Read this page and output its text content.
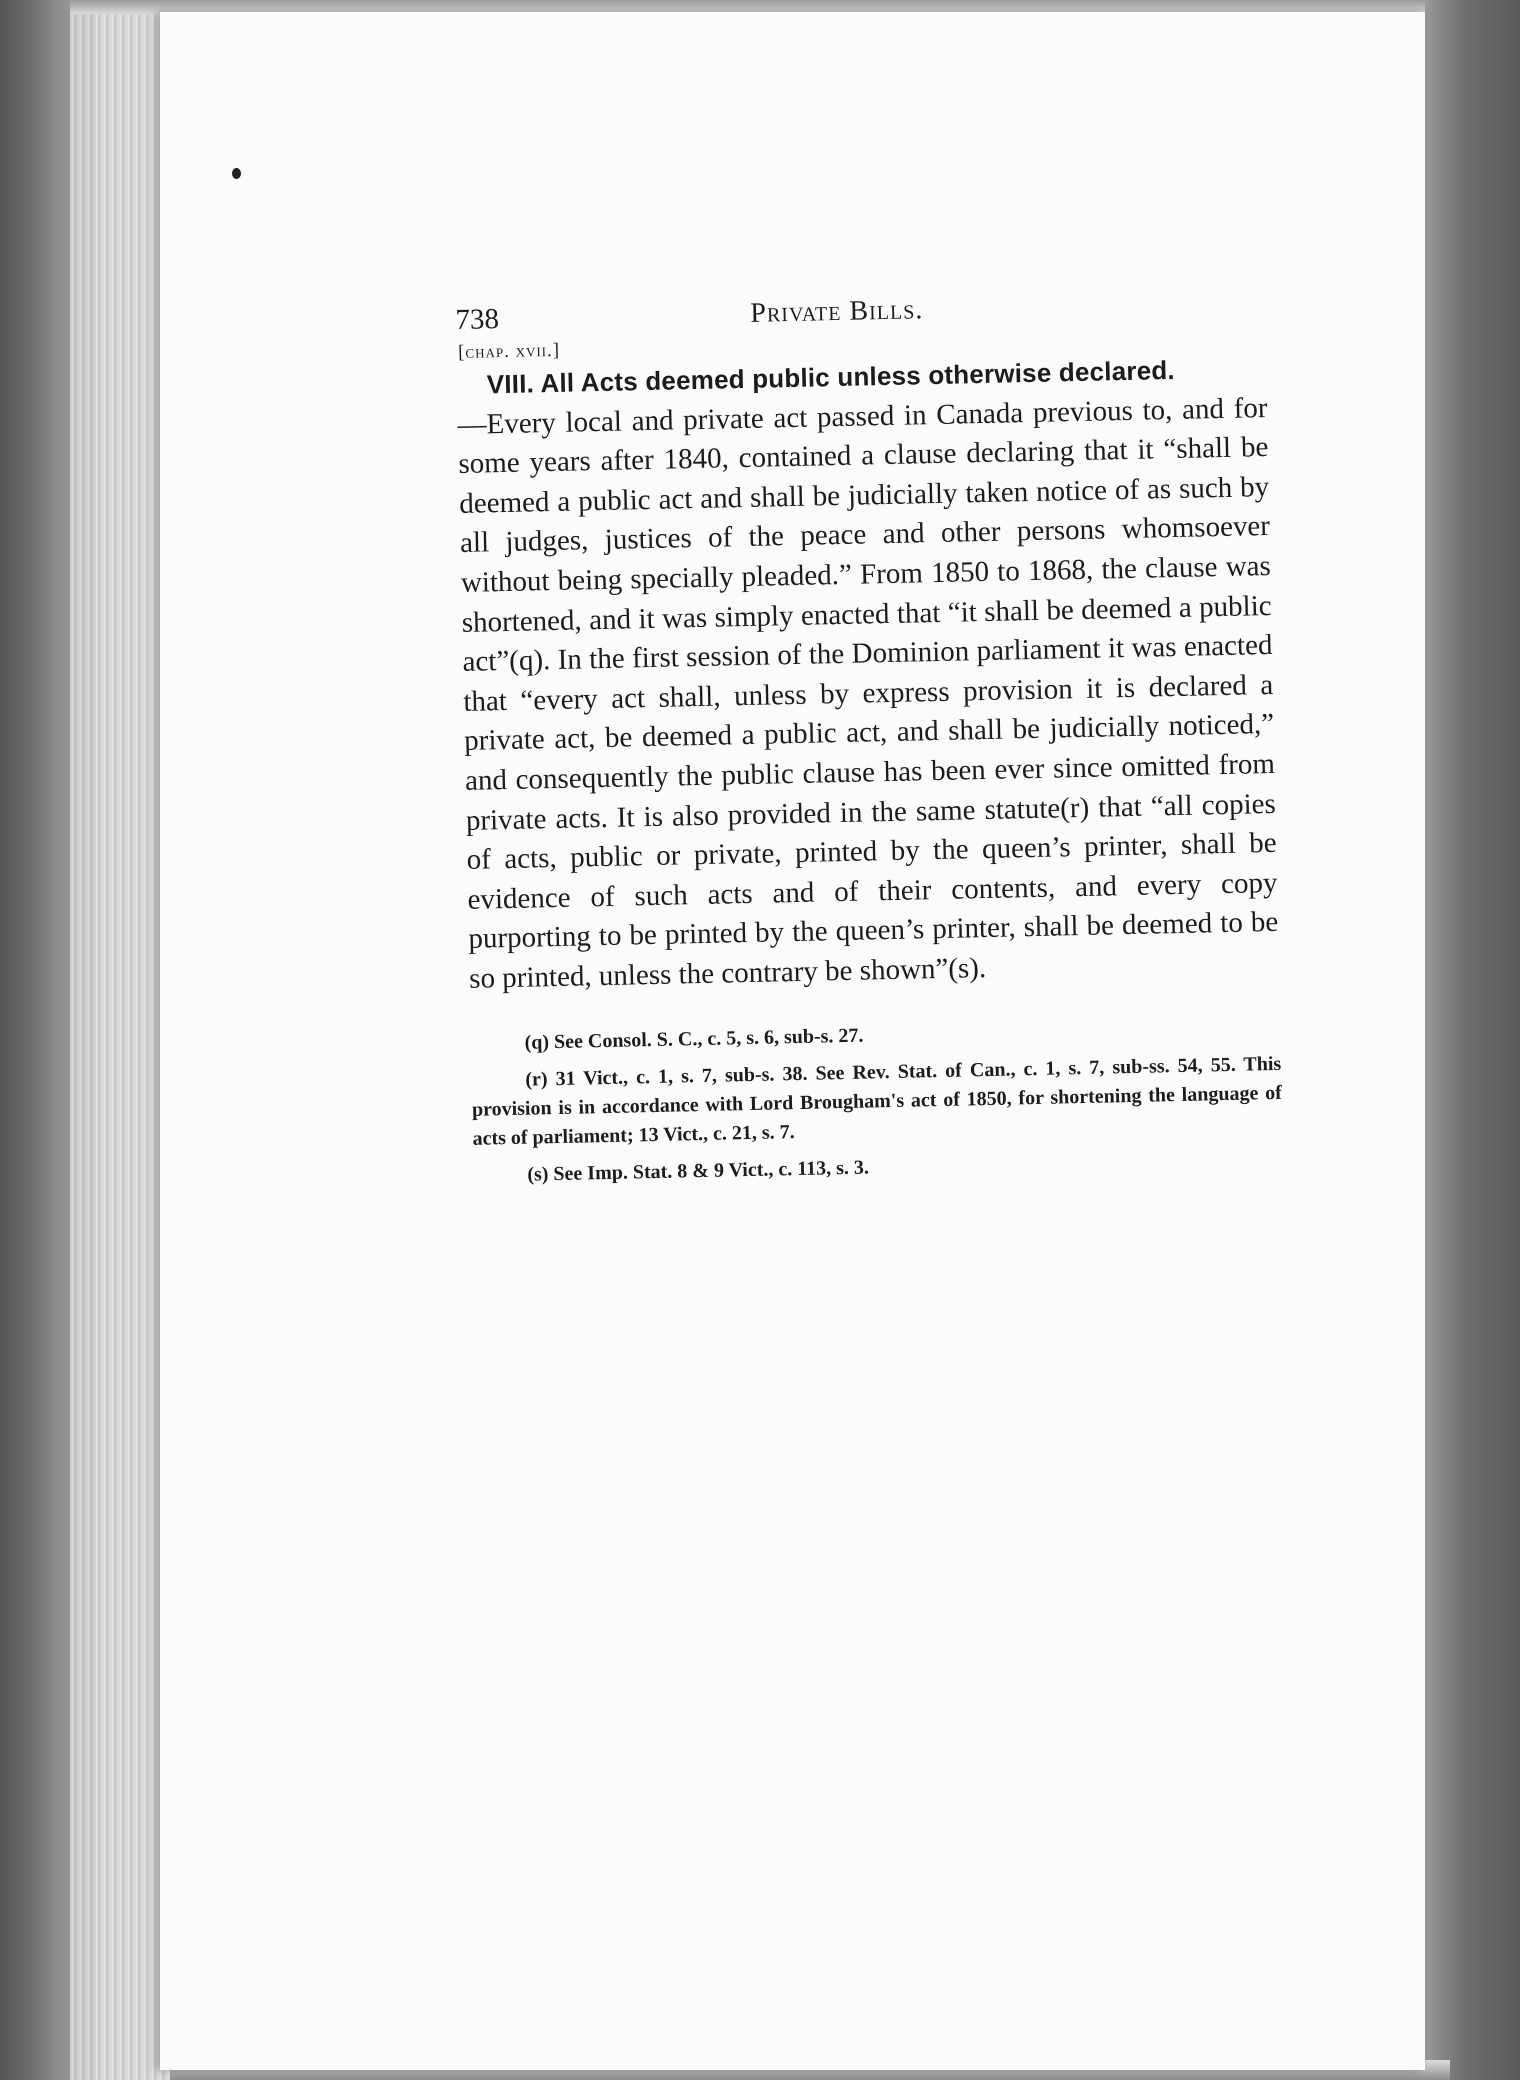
738	Private Bills.
[chap. xvii.]
VIII. All Acts deemed public unless otherwise declared.
—Every local and private act passed in Canada previous to, and for some years after 1840, contained a clause declaring that it “shall be deemed a public act and shall be judicially taken notice of as such by all judges, justices of the peace and other persons whomsoever without being specially pleaded.” From 1850 to 1868, the clause was shortened, and it was simply enacted that “it shall be deemed a public act”(q). In the first session of the Dominion parliament it was enacted that “every act shall, unless by express provision it is declared a private act, be deemed a public act, and shall be judicially noticed,” and consequently the public clause has been ever since omitted from private acts. It is also provided in the same statute(r) that “all copies of acts, public or private, printed by the queen’s printer, shall be evidence of such acts and of their contents, and every copy purporting to be printed by the queen’s printer, shall be deemed to be so printed, unless the contrary be shown”(s).
(q) See Consol. S. C., c. 5, s. 6, sub-s. 27.
(r) 31 Vict., c. 1, s. 7, sub-s. 38. See Rev. Stat. of Can., c. 1, s. 7, sub-ss. 54, 55. This provision is in accordance with Lord Brougham's act of 1850, for shortening the language of acts of parliament; 13 Vict., c. 21, s. 7.
(s) See Imp. Stat. 8 & 9 Vict., c. 113, s. 3.
